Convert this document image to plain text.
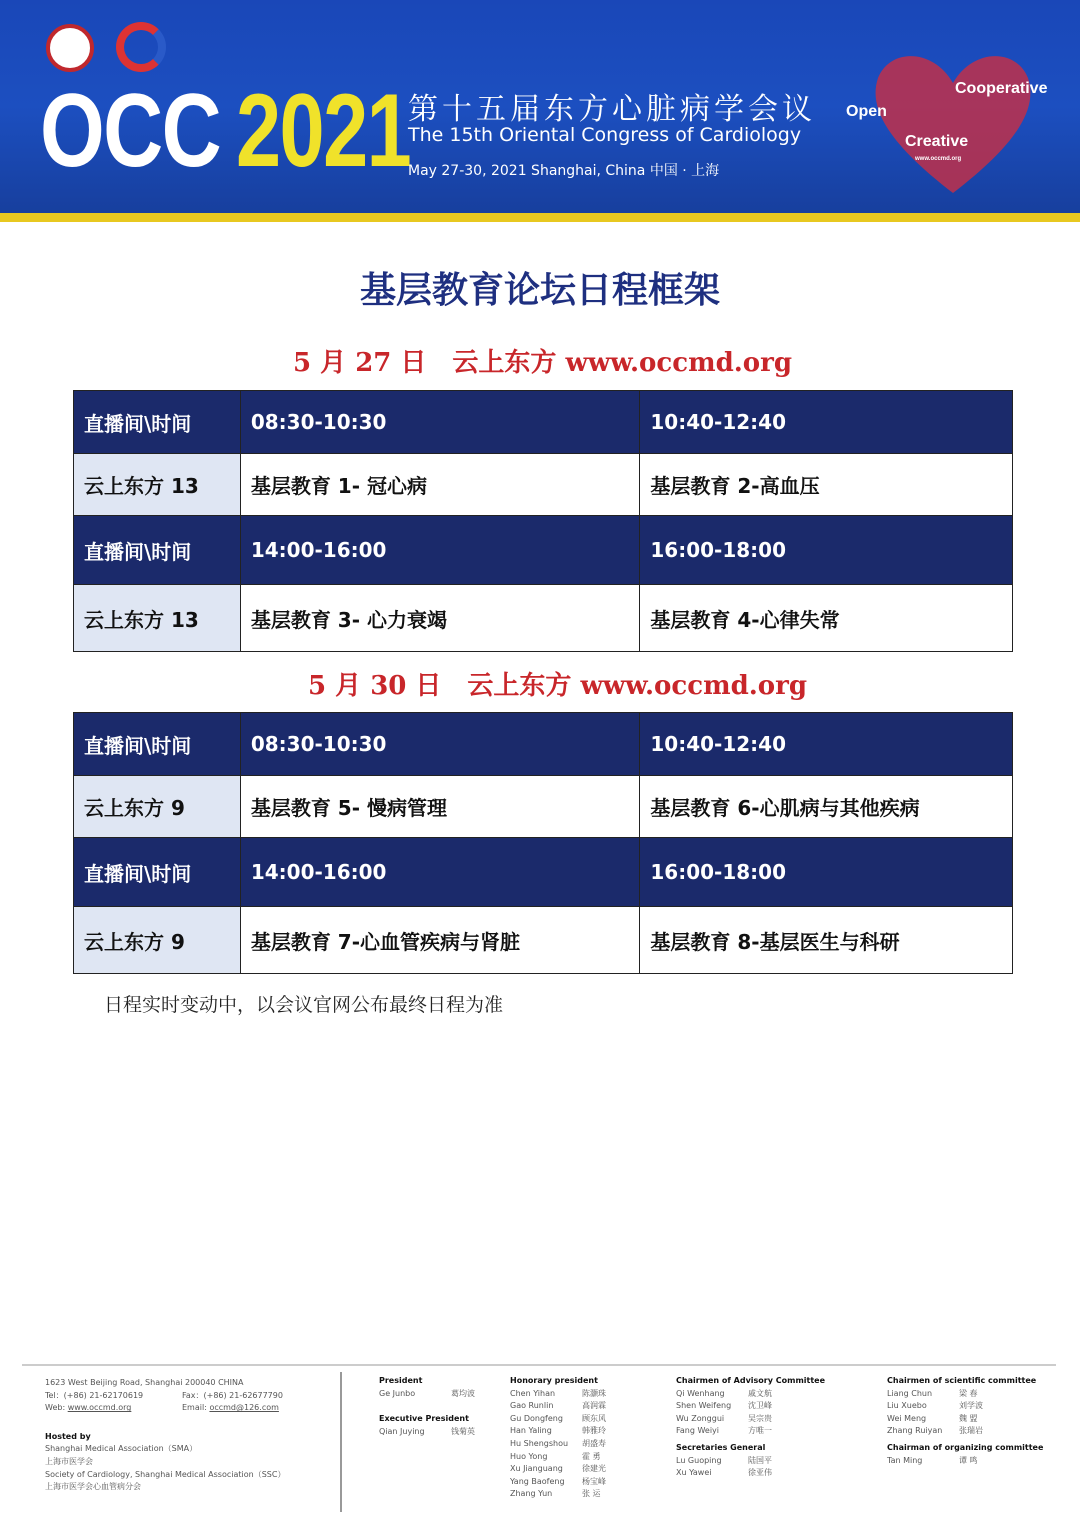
OCC 2021
第十五届东方心脏病学会议
The 15th Oriental Congress of Cardiology
May 27-30, 2021 Shanghai, China 中国 · 上海
Cooperative
Open
Creative
www.occmd.org
基层教育论坛日程框架
5 月 27 日　云上东方 www.occmd.org
直播间\时间	08:30-10:30	10:40-12:40
云上东方 13	基层教育 1- 冠心病	基层教育 2-高血压
直播间\时间	14:00-16:00	16:00-18:00
云上东方 13	基层教育 3- 心力衰竭	基层教育 4-心律失常
5 月 30 日　云上东方 www.occmd.org
直播间\时间	08:30-10:30	10:40-12:40
云上东方 9	基层教育 5- 慢病管理	基层教育 6-心肌病与其他疾病
直播间\时间	14:00-16:00	16:00-18:00
云上东方 9	基层教育 7-心血管疾病与肾脏	基层教育 8-基层医生与科研
日程实时变动中，以会议官网公布最终日程为准
1623 West Beijing Road, Shanghai 200040 CHINA
Tel：(+86) 21-62170619	Fax：(+86) 21-62677790
Web: www.occmd.org	Email: occmd@126.com
Hosted by
Shanghai Medical Association（SMA）
上海市医学会
Society of Cardiology, Shanghai Medical Association（SSC）
上海市医学会心血管病分会
President
Ge Junbo	葛均波
Executive President
Qian Juying	钱菊英
Honorary president
Chen Yihan	陈灏珠
Gao Runlin	高润霖
Gu Dongfeng	顾东风
Han Yaling	韩雅玲
Hu Shengshou	胡盛寿
Huo Yong	霍 勇
Xu Jianguang	徐建光
Yang Baofeng	杨宝峰
Zhang Yun	张 运
Chairmen of Advisory Committee
Qi Wenhang	戚文航
Shen Weifeng	沈卫峰
Wu Zonggui	吴宗贵
Fang Weiyi	方唯一
Secretaries General
Lu Guoping	陆国平
Xu Yawei	徐亚伟
Chairmen of scientific committee
Liang Chun	梁 春
Liu Xuebo	刘学波
Wei Meng	魏 盟
Zhang Ruiyan	张瑞岩
Chairman of organizing committee
Tan Ming	谭 鸣
